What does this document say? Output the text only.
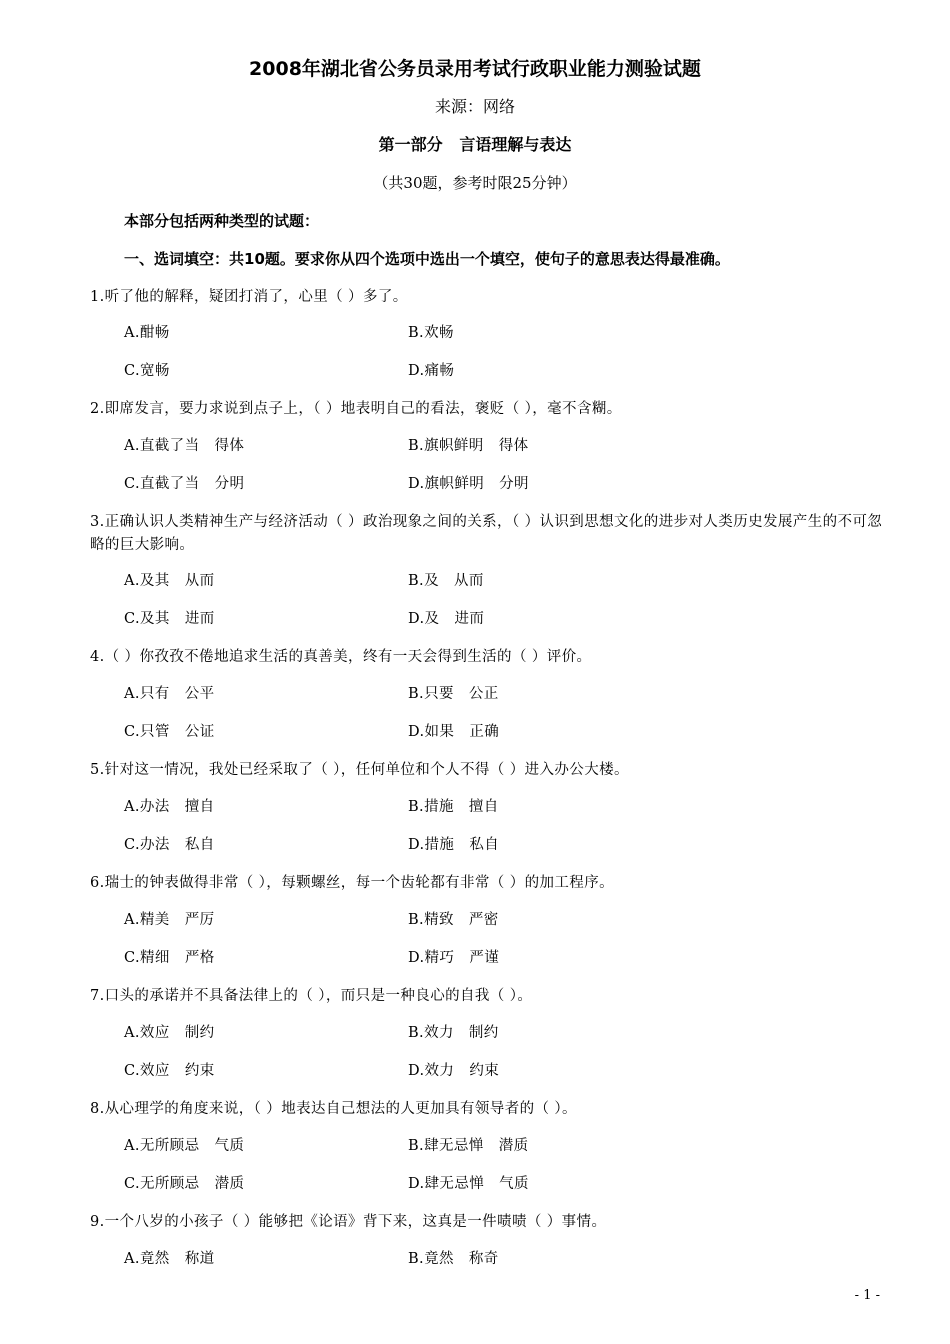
2008年湖北省公务员录用考试行政职业能力测验试题
来源：网络
第一部分   言语理解与表达
（共30题，参考时限25分钟）
本部分包括两种类型的试题：
一、选词填空：共10题。要求你从四个选项中选出一个填空，使句子的意思表达得最准确。
1.听了他的解释，疑团打消了，心里（ ）多了。
A.酣畅	B.欢畅
C.宽畅	D.痛畅
2.即席发言，要力求说到点子上，（ ）地表明自己的看法，褒贬（ ），毫不含糊。
A.直截了当   得体	B.旗帜鲜明   得体
C.直截了当   分明	D.旗帜鲜明   分明
3.正确认识人类精神生产与经济活动（ ）政治现象之间的关系，（ ）认识到思想文化的进步对人类历史发展产生的不可忽略的巨大影响。
A.及其   从而	B.及   从而
C.及其   进而	D.及   进而
4.（ ）你孜孜不倦地追求生活的真善美，终有一天会得到生活的（ ）评价。
A.只有   公平	B.只要   公正
C.只管   公证	D.如果   正确
5.针对这一情况，我处已经采取了（ ），任何单位和个人不得（ ）进入办公大楼。
A.办法   擅自	B.措施   擅自
C.办法   私自	D.措施   私自
6.瑞士的钟表做得非常（ ），每颗螺丝，每一个齿轮都有非常（ ）的加工程序。
A.精美   严厉	B.精致   严密
C.精细   严格	D.精巧   严谨
7.口头的承诺并不具备法律上的（ ），而只是一种良心的自我（ ）。
A.效应   制约	B.效力   制约
C.效应   约束	D.效力   约束
8.从心理学的角度来说，（ ）地表达自己想法的人更加具有领导者的（ ）。
A.无所顾忌   气质	B.肆无忌惮   潜质
C.无所顾忌   潜质	D.肆无忌惮   气质
9.一个八岁的小孩子（ ）能够把《论语》背下来，这真是一件啧啧（ ）事情。
A.竟然   称道	B.竟然   称奇
- 1 -
